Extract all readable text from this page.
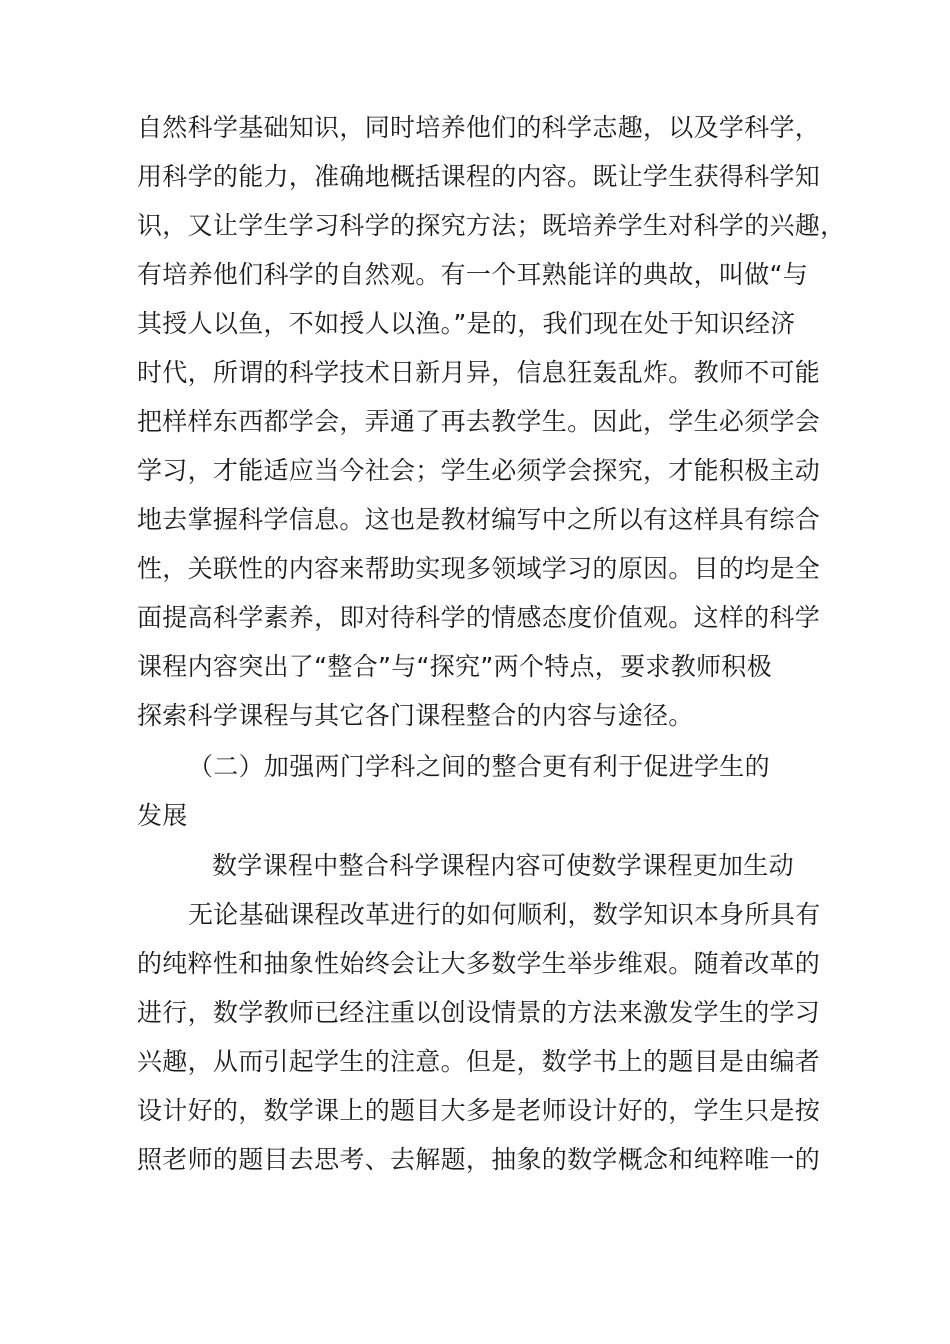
自然科学基础知识，同时培养他们的科学志趣，以及学科学，
用科学的能力，准确地概括课程的内容。既让学生获得科学知
识，又让学生学习科学的探究方法；既培养学生对科学的兴趣，
有培养他们科学的自然观。有一个耳熟能详的典故，叫做“与
其授人以鱼，不如授人以渔。”是的，我们现在处于知识经济
时代，所谓的科学技术日新月异，信息狂轰乱炸。教师不可能
把样样东西都学会，弄通了再去教学生。因此，学生必须学会
学习，才能适应当今社会；学生必须学会探究，才能积极主动
地去掌握科学信息。这也是教材编写中之所以有这样具有综合
性，关联性的内容来帮助实现多领域学习的原因。目的均是全
面提高科学素养，即对待科学的情感态度价值观。这样的科学
课程内容突出了“整合”与“探究”两个特点，要求教师积极
探索科学课程与其它各门课程整合的内容与途径。
（二）加强两门学科之间的整合更有利于促进学生的
发展
数学课程中整合科学课程内容可使数学课程更加生动
无论基础课程改革进行的如何顺利，数学知识本身所具有
的纯粹性和抽象性始终会让大多数学生举步维艰。随着改革的
进行，数学教师已经注重以创设情景的方法来激发学生的学习
兴趣，从而引起学生的注意。但是，数学书上的题目是由编者
设计好的，数学课上的题目大多是老师设计好的，学生只是按
照老师的题目去思考、去解题，抽象的数学概念和纯粹唯一的
